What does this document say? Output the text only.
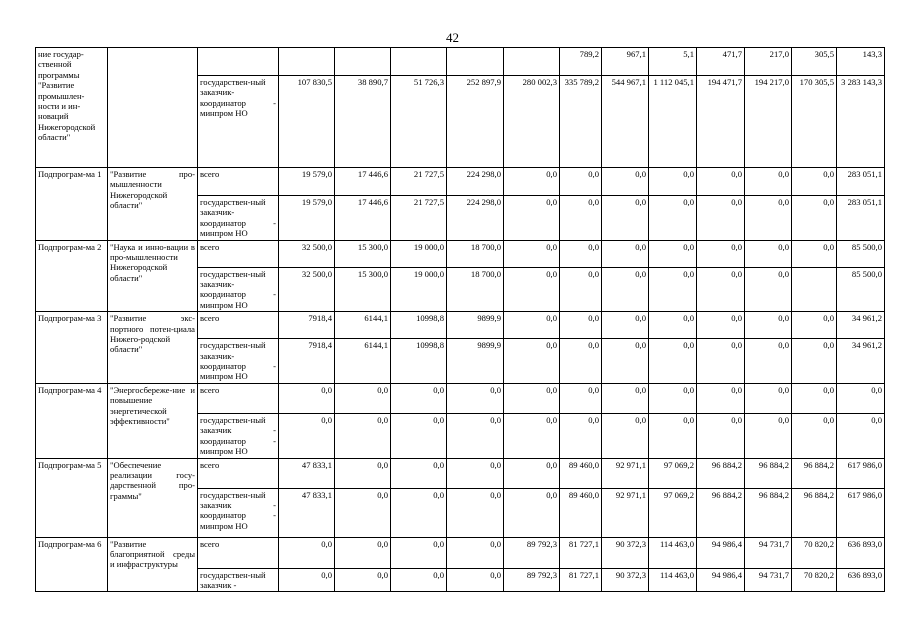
42
ние государ-ственной программы "Развитие промышлен-ности и ин-новаций Нижегородской области"								789,2	967,1	5,1	471,7	217,0	305,5	143,3
		государствен-ный заказчик-координатор - минпром НО	107 830,5	38 890,7	51 726,3	252 897,9	280 002,3	335 789,2	544 967,1	1 112 045,1	194 471,7	194 217,0	170 305,5	3 283 143,3
Подпрограм-ма 1	"Развитие про-мышленности Нижегородской области"	всего	19 579,0	17 446,6	21 727,5	224 298,0	0,0	0,0	0,0	0,0	0,0	0,0	0,0	283 051,1
		государствен-ный заказчик-координатор - минпром НО	19 579,0	17 446,6	21 727,5	224 298,0	0,0	0,0	0,0	0,0	0,0	0,0	0,0	283 051,1
Подпрограм-ма 2	"Наука и инно-вации в про-мышленности Нижегородской области"	всего	32 500,0	15 300,0	19 000,0	18 700,0	0,0	0,0	0,0	0,0	0,0	0,0	0,0	85 500,0
		государствен-ный заказчик-координатор - минпром НО	32 500,0	15 300,0	19 000,0	18 700,0	0,0	0,0	0,0	0,0	0,0	0,0		85 500,0
Подпрограм-ма 3	"Развитие экс-портного потен-циала Нижего-родской области"	всего	7918,4	6144,1	10998,8	9899,9	0,0	0,0	0,0	0,0	0,0	0,0	0,0	34 961,2
		государствен-ный заказчик-координатор - минпром НО	7918,4	6144,1	10998,8	9899,9	0,0	0,0	0,0	0,0	0,0	0,0	0,0	34 961,2
Подпрограм-ма 4	"Энергосбереже-ние и повышение энергетической эффективности"	всего	0,0	0,0	0,0	0,0	0,0	0,0	0,0	0,0	0,0	0,0	0,0	0,0
		государствен-ный заказчик - координатор - минпром НО	0,0	0,0	0,0	0,0	0,0	0,0	0,0	0,0	0,0	0,0	0,0	0,0
Подпрограм-ма 5	"Обеспечение реализации госу-дарственной про-граммы"	всего	47 833,1	0,0	0,0	0,0	0,0	89 460,0	92 971,1	97 069,2	96 884,2	96 884,2	96 884,2	617 986,0
		государствен-ный заказчик - координатор - минпром НО	47 833,1	0,0	0,0	0,0	0,0	89 460,0	92 971,1	97 069,2	96 884,2	96 884,2	96 884,2	617 986,0
Подпрограм-ма 6	"Развитие благоприятной среды и инфраструктуры	всего	0,0	0,0	0,0	0,0	89 792,3	81 727,1	90 372,3	114 463,0	94 986,4	94 731,7	70 820,2	636 893,0
		государствен-ный заказчик -	0,0	0,0	0,0	0,0	89 792,3	81 727,1	90 372,3	114 463,0	94 986,4	94 731,7	70 820,2	636 893,0
